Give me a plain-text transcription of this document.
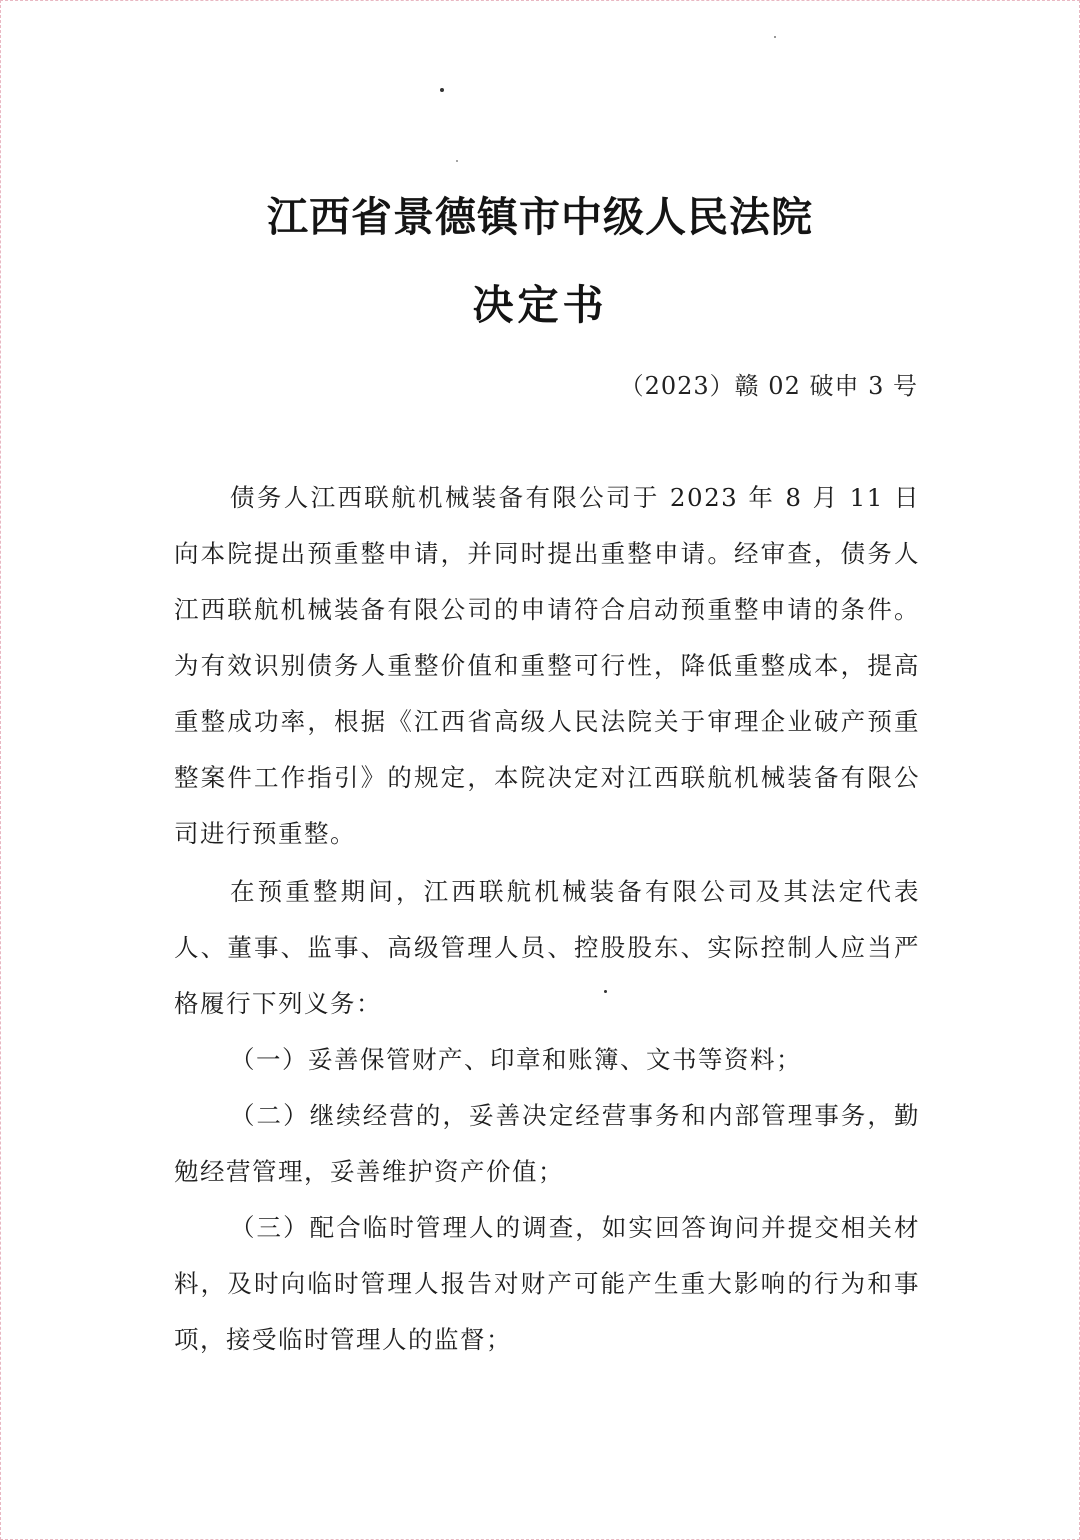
江西省景德镇市中级人民法院
决定书
（2023）赣 02 破申 3 号

债务人江西联航机械装备有限公司于 2023 年 8 月 11 日向本院提出预重整申请，并同时提出重整申请。经审查，债务人江西联航机械装备有限公司的申请符合启动预重整申请的条件。为有效识别债务人重整价值和重整可行性，降低重整成本，提高重整成功率，根据《江西省高级人民法院关于审理企业破产预重整案件工作指引》的规定，本院决定对江西联航机械装备有限公司进行预重整。

在预重整期间，江西联航机械装备有限公司及其法定代表人、董事、监事、高级管理人员、控股股东、实际控制人应当严格履行下列义务：

（一）妥善保管财产、印章和账簿、文书等资料；

（二）继续经营的，妥善决定经营事务和内部管理事务，勤勉经营管理，妥善维护资产价值；

（三）配合临时管理人的调查，如实回答询问并提交相关材料，及时向临时管理人报告对财产可能产生重大影响的行为和事项，接受临时管理人的监督；
